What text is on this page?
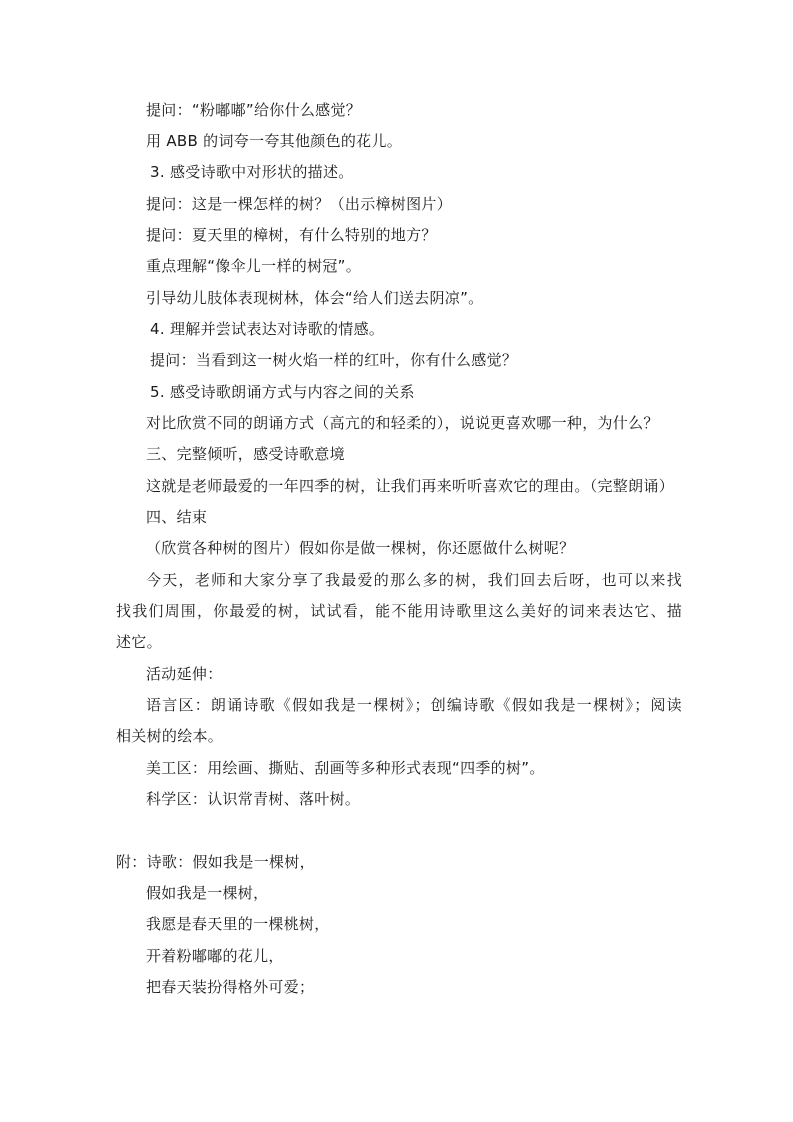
提问：“粉嘟嘟”给你什么感觉？
用 ABB 的词夸一夸其他颜色的花儿。
3. 感受诗歌中对形状的描述。
提问：这是一棵怎样的树？（出示樟树图片）
提问：夏天里的樟树，有什么特别的地方？
重点理解“像伞儿一样的树冠”。
引导幼儿肢体表现树林，体会“给人们送去阴凉”。
4. 理解并尝试表达对诗歌的情感。
提问：当看到这一树火焰一样的红叶，你有什么感觉？
5. 感受诗歌朗诵方式与内容之间的关系
对比欣赏不同的朗诵方式（高亢的和轻柔的），说说更喜欢哪一种，为什么？
三、完整倾听，感受诗歌意境
这就是老师最爱的一年四季的树，让我们再来听听喜欢它的理由。（完整朗诵）
四、结束
（欣赏各种树的图片）假如你是做一棵树，你还愿做什么树呢？
今天，老师和大家分享了我最爱的那么多的树，我们回去后呀，也可以来找
找我们周围，你最爱的树，试试看，能不能用诗歌里这么美好的词来表达它、描
述它。
活动延伸：
语言区：朗诵诗歌《假如我是一棵树》；创编诗歌《假如我是一棵树》；阅读
相关树的绘本。
美工区：用绘画、撕贴、刮画等多种形式表现“四季的树”。
科学区：认识常青树、落叶树。
附：诗歌：假如我是一棵树，
假如我是一棵树，
我愿是春天里的一棵桃树，
开着粉嘟嘟的花儿，
把春天装扮得格外可爱；
